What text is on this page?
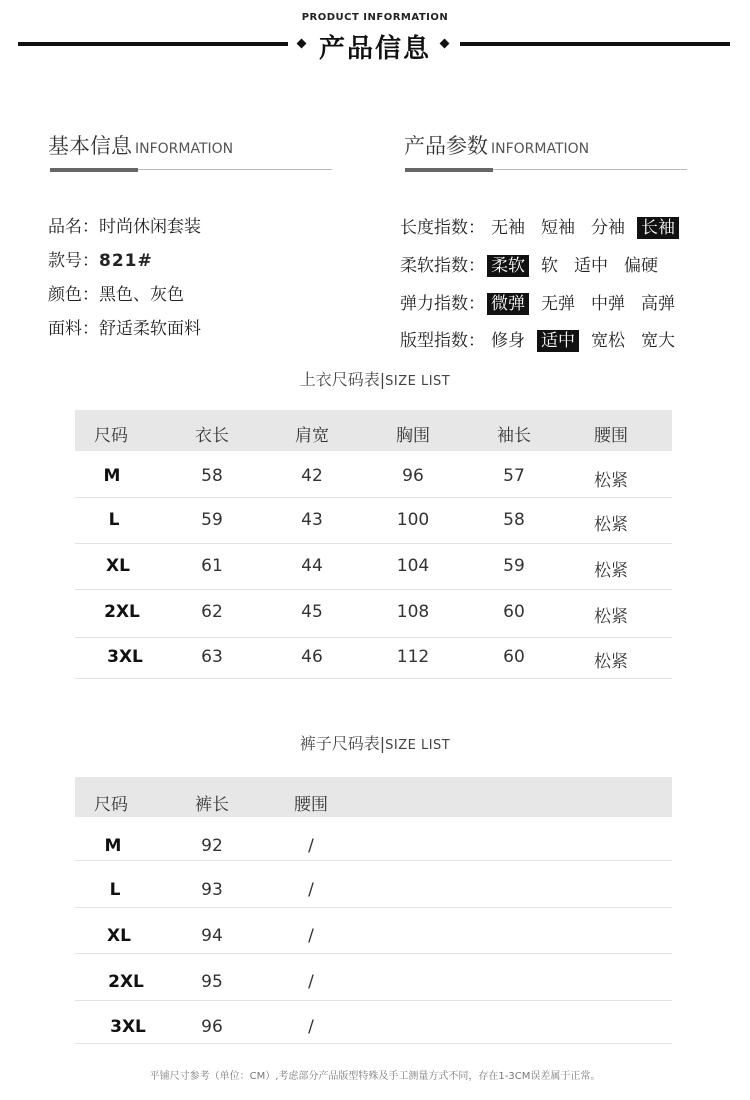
PRODUCT INFORMATION
产品信息
基本信息 INFORMATION
品名：时尚休闲套装
款号：821#
颜色：黑色、灰色
面料：舒适柔软面料
产品参数 INFORMATION
长度指数： 无袖 短袖 分袖 长袖
柔软指数： 柔软 软 适中 偏硬
弹力指数： 微弹 无弹 中弹 高弹
版型指数： 修身 适中 宽松 宽大
上衣尺码表|SIZE LIST
尺码	衣长	肩宽	胸围	袖长	腰围
M	58	42	96	57	松紧
L	59	43	100	58	松紧
XL	61	44	104	59	松紧
2XL	62	45	108	60	松紧
3XL	63	46	112	60	松紧
裤子尺码表|SIZE LIST
尺码	裤长	腰围
M	92	/
L	93	/
XL	94	/
2XL	95	/
3XL	96	/
平铺尺寸参考（单位：CM）,考虑部分产品版型特殊及手工测量方式不同，存在1-3CM误差属于正常。
